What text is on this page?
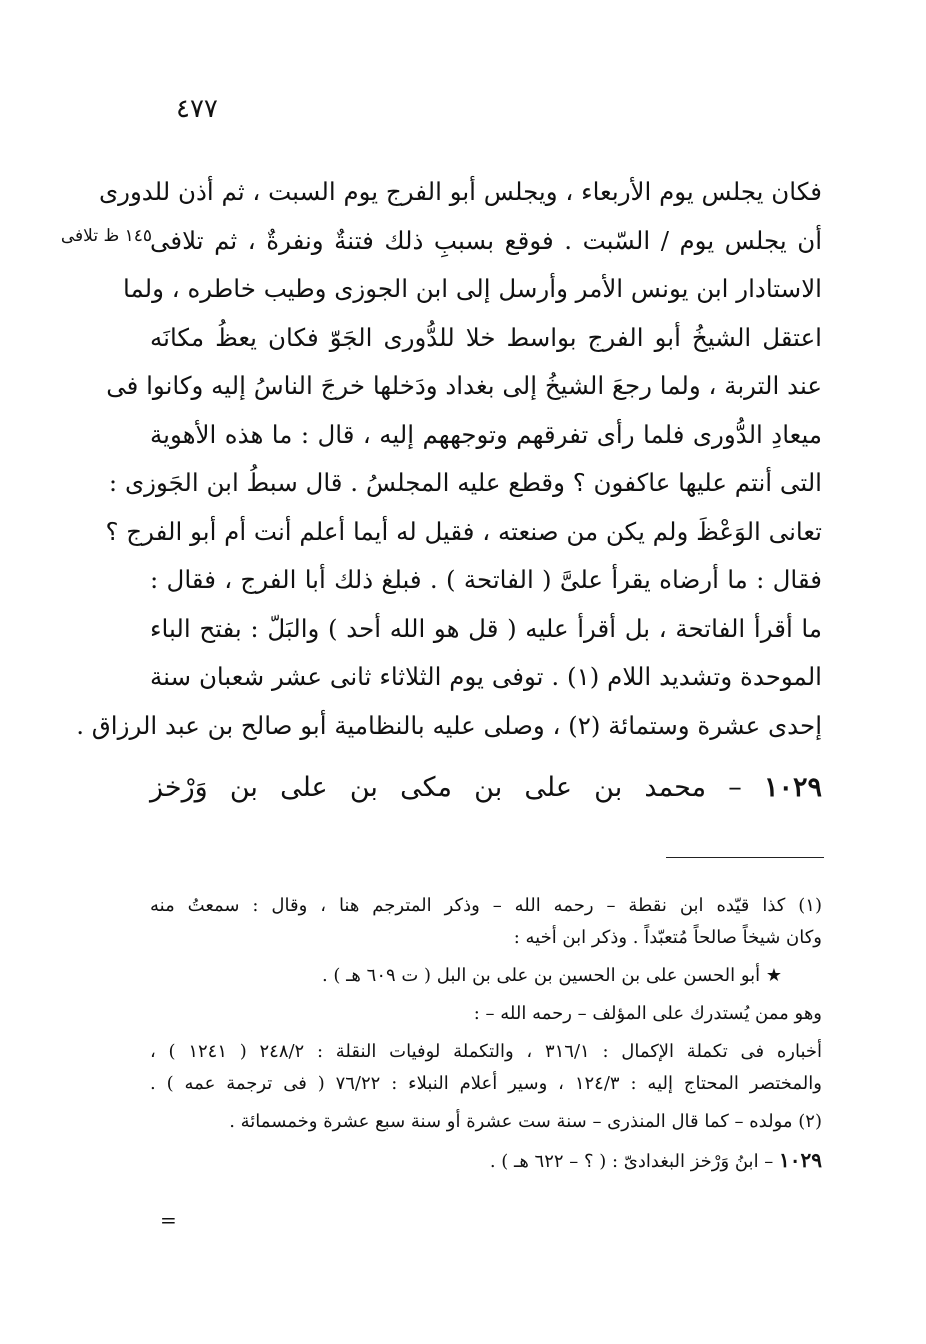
٤٧٧
١٤٥ ظ تلافى
فكان يجلس يوم الأربعاء ، ويجلس أبو الفرج يوم السبت ، ثم أذن للدورى
أن يجلس يوم / السّبت . فوقع بسببِ ذلك فتنةٌ ونفرةٌ ، ثم تلافى
الاستادار ابن يونس الأمر وأرسل إلى ابن الجوزى وطيب خاطره ، ولما
اعتقل الشيخُ أبو الفرج بواسط خلا للدُّورى الجَوّ فكان يعظُ مكانَه
عند التربة ، ولما رجعَ الشيخُ إلى بغداد ودَخلها خرجَ الناسُ إليه وكانوا فى
ميعادِ الدُّورى فلما رأى تفرقهم وتوجههم إليه ، قال : ما هذه الأهوية
التى أنتم عليها عاكفون ؟ وقطع عليه المجلسُ . قال سبطُ ابن الجَوزى :
تعانى الوَعْظَ ولم يكن من صنعته ، فقيل له أيما أعلم أنت أم أبو الفرج ؟
فقال : ما أرضاه يقرأ علىَّ ( الفاتحة ) . فبلغ ذلك أبا الفرج ، فقال :
ما أقرأ الفاتحة ، بل أقرأ عليه ( قل هو الله أحد ) والبَلّ : بفتح الباء
الموحدة وتشديد اللام (١) . توفى يوم الثلاثاء ثانى عشر شعبان سنة
إحدى عشرة وستمائة (٢) ، وصلى عليه بالنظامية أبو صالح بن عبد الرزاق .
١٠٢٩ – محمد بن على بن مكى بن على بن وَرْخز
(١) كذا قيّده ابن نقطة – رحمه الله – وذكر المترجم هنا ، وقال : سمعتُ منه
وكان شيخاً صالحاً مُتعبّداً . وذكر ابن أخيه :
★ أبو الحسن على بن الحسين بن على بن البل ( ت ٦٠٩ هـ ) .
وهو ممن يُستدرك على المؤلف – رحمه الله – :
أخباره فى تكملة الإكمال : ٣١٦/١ ، والتكملة لوفيات النقلة : ٢٤٨/٢ ( ١٢٤١ ) ،
والمختصر المحتاج إليه : ١٢٤/٣ ، وسير أعلام النبلاء : ٧٦/٢٢ ( فى ترجمة عمه ) .
(٢) مولده – كما قال المنذرى – سنة ست عشرة أو سنة سبع عشرة وخمسمائة .
١٠٢٩ – ابنُ وَرْخز البغدادىّ : ( ؟ – ٦٢٢ هـ ) .
=
